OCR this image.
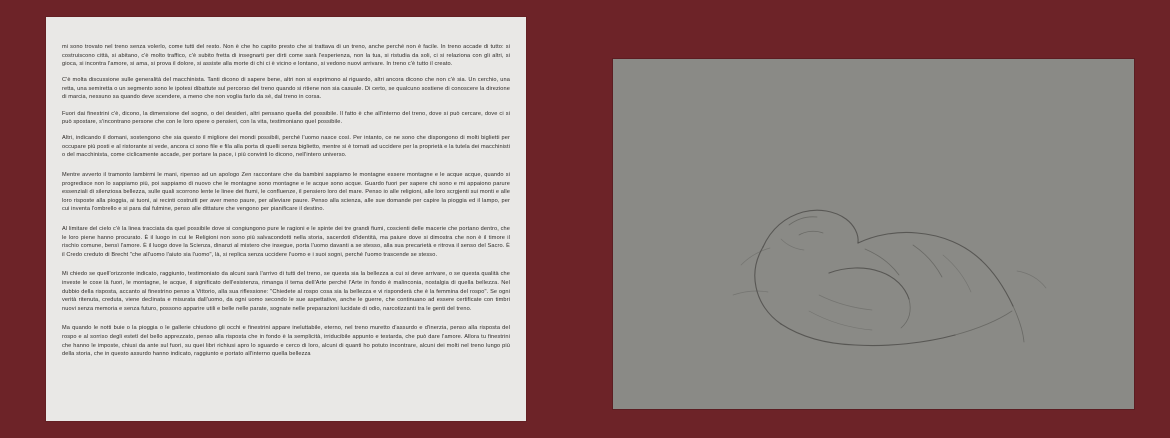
mi sono trovato nel treno senza volerlo, come tutti del resto. Non è che ho capito presto che si trattava di un treno, anche perché non è facile. In treno accade di tutto: si costruiscono città, si abitano, c'è molto traffico, c'è subito fretta di insegnarti per dirti come sarà l'esperienza, non la tua, si ristudia da soli, ci si relaziona con gli altri, si gioca, si incontra l'amore, si ama, si prova il dolore, si assiste alla morte di chi ci è vicino e lontano, si vedono nuovi arrivare. In treno c'è tutto il creato.

C'è molta discussione sulle generalità del macchinista. Tanti dicono di sapere bene, altri non si esprimono al riguardo, altri ancora dicono che non c'è sia. Un cerchio, una retta, una semiretta o un segmento sono le ipotesi dibattute sul percorso del treno quando si ritiene non sia casuale. Di certo, se qualcuno sostiene di conoscere la direzione di marcia, nessuno sa quando deve scendere, a meno che non voglia farlo da sé, dal treno in corsa.

Fuori dai finestrini c'è, dicono, la dimensione del sogno, o dei desideri, altri pensano quella del possibile. Il fatto è che all'interno del treno, dove si può cercare, dove ci si può spostare, s'incontrano persone che con le loro opere o pensieri, con la vita, testimoniano quel possibile.

Altri, indicando il domani, sostengono che sia questo il migliore dei mondi possibili, perché l'uomo nasce così. Per intanto, ce ne sono che dispongono di molti biglietti per occupare più posti e al ristorante si vede, ancora ci sono file e fila alla porta di quelli senza biglietto, mentre si è tornati ad uccidere per la proprietà e la tutela dei macchinisti o del macchinista, come ciclicamente accade, per portare la pace, i più convinti lo dicono, nell'intero universo.

Mentre avverto il tramonto lambirmi le mani, ripenso ad un apologo Zen raccontare che da bambini sappiamo le montagne essere montagne e le acque acque, quando si progredisce non lo sappiamo più, poi sappiamo di nuovo che le montagne sono montagne e le acque sono acque. Guardo fuori per sapere chi sono e mi appaiono parure essenziali di silenziosa bellezza, sulle quali scorrono lente le linee dei fiumi, le confluenze, il pensiero loro del mare. Penso io alle religioni, alle loro scrgjenti sui monti e alle loro risposte alla pioggia, ai tuoni, ai recinti costruiti per aver meno paure, per alleviare paure. Penso alla scienza, alle sue domande per capire la pioggia ed il lampo, per cui inventa l'ombrello e si para dal fulmine, penso alle dittature che vengono per pianificare il destino.

Al limitare del cielo c'è la linea tracciata da quel possibile dove si congiungono pure le ragioni e le spinte dei tre grandi fiumi, coscienti delle macerie che portano dentro, che le loro piene hanno procurato. È il luogo in cui le Religioni non sono più salvacondotti nella storia, sacerdoti d'identità, ma paiure dove si dimostra che non è il timore il rischio comune, bensì l'amore. È il luogo dove la Scienza, dinanzi al mistero che insegue, porta l'uomo davanti a se stesso, alla sua precarietà e ritrova il senso del Sacro. È il Credo creduto di Brecht "che all'uomo l'aiuto sia l'uomo", là, si replica senza uccidere l'uomo e i suoi sogni, perché l'uomo trascende se stesso.

Mi chiedo se quell'orizzonte indicato, raggiunto, testimoniato da alcuni sarà l'arrivo di tutti del treno, se questa sia la bellezza a cui si deve arrivare, o se questa qualità che investe le cose là fuori, le montagne, le acque, il significato dell'esistenza, rimanga il tema dell'Arte perché l'Arte in fondo è malinconia, nostalgia di quella bellezza. Nel dubbio della risposta, accanto al finestrino penso a Vittorio, alla sua riflessione: "Chiedete al rospo cosa sia la bellezza e vi risponderà che è la femmina del rospo". Se ogni verità ritenuta, creduta, viene declinata e misurata dall'uomo, da ogni uomo secondo le sue aspettative, anche le guerre, che continuano ad essere certificate con timbri nuovi senza memoria e senza futuro, possono apparire utili e belle nelle parate, sognate nelle preparazioni lucidate di odio, narcotizzanti tra le genti del treno.

Ma quando le notti buie o la pioggia o le gallerie chiudono gli occhi e finestrini appare ineluttabile, eterno, nel treno muretto d'assurdo e d'inerzia, penso alla risposta del rospo e al sorriso degli estetì del bello apprezzato, penso alla risposta che in fondo è la semplicità, irriducibile appunto e testarda, che può dare l'amore. Allora tu finestrini che hanno le imposte, chiusi da ante sul fuori, su quei libri richiusi apro lo sguardo e cerco di loro, alcuni di quanti ho potuto incontrare, alcuni dei molti nel treno lungo più della storia, che in questo assurdo hanno indicato, raggiunto e portato all'interno quella bellezza
